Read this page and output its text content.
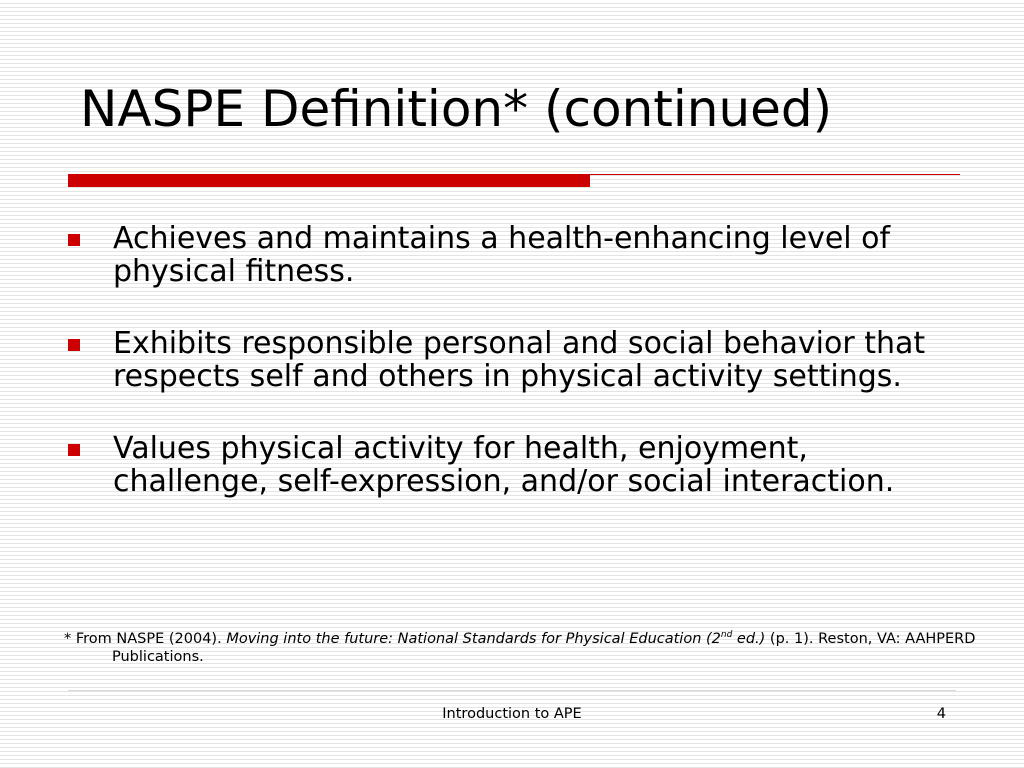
NASPE Definition* (continued)
Achieves and maintains a health-enhancing level of physical fitness.
Exhibits responsible personal and social behavior that respects self and others in physical activity settings.
Values physical activity for health, enjoyment, challenge, self-expression, and/or social interaction.

* From NASPE (2004). Moving into the future: National Standards for Physical Education (2nd ed.) (p. 1). Reston, VA: AAHPERD Publications.

Introduction to APE	4
